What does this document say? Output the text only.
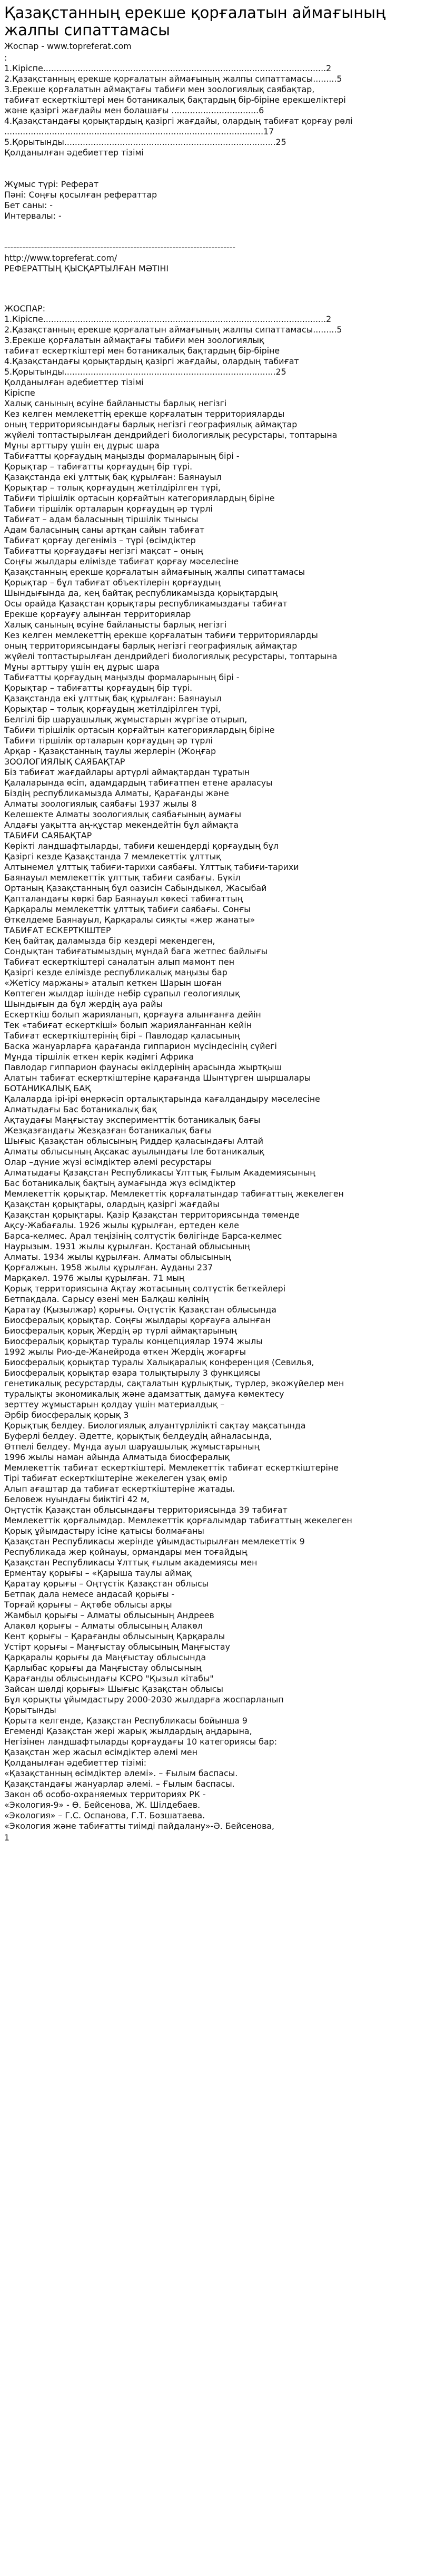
Қазақстанның ерекше қорғалатын аймағының жалпы сипаттамасы
Жоспар - www.topreferat.com

:

1.Кіріспе...........................................................................................................2

2.Қазақстанның ерекше қорғалатын аймағының жалпы сипаттамасы.........5

3.Ерекше қорғалатын аймақтағы табиғи мен зоологиялық саябақтар,

табиғат ескерткіштері мен ботаникалық бақтардың бір-біріне ерекшеліктері

және қазіргі жағдайы мен болашағы .................................6

4.Қазақстандағы қорықтардың қазіргі жағдайы, олардың табиғат қорғау рөлі

..................................................................................................17

5.Қорытынды................................................................................25

Қолданылған әдебиеттер тізімі

Жұмыс түрі: Реферат

Пәні: Соңғы қосылған рефераттар

Бет саны: -

Интервалы: -

-----------------------------------------------------------------------------

http://www.topreferat.com/

РЕФЕРАТТЫҢ ҚЫСҚАРТЫЛҒАН МӘТІНІ

ЖОСПАР:

1.Кіріспе...........................................................................................................2

2.Қазақстанның ерекше қорғалатын аймағының жалпы сипаттамасы.........5

3.Ерекше қорғалатын аймақтағы табиғи мен зоологиялық

табиғат ескерткіштері мен ботаникалық бақтардың бір-біріне

4.Қазақстандағы қорықтардың қазіргі жағдайы, олардың табиғат

5.Қорытынды................................................................................25

Қолданылған әдебиеттер тізімі

Кіріспе

Халық санының өсуіне байланысты барлық негізгі

Кез келген мемлекеттің ерекше қорғалатын территорияларды

оның территориясындағы барлық негізгі географиялық аймақтар

жүйелі топтастырылған дендрийдегі биологиялық ресурстары, топтарына

Мұны арттыру үшін ең дұрыс шара

Табиғатты қорғаудың маңызды формаларының бірі -

Қорықтар – табиғатты қорғаудың бір түрі.

Қазақстанда екі ұлттық бақ құрылған: Баянауыл

Қорықтар – толық қорғаудың жетілдірілген түрі,

Табиғи тірішілік ортасын қорғайтын категориялардың біріне

Табиғи тіршілік орталарын қорғаудың әр түрлі

Табиғат – адам баласының тіршілік тынысы

Адам баласының саны артқан сайын табиғат

Табиғат қорғау дегеніміз – түрі (өсімдіктер

Табиғатты қорғаудағы негізгі мақсат – оның

Соңғы жылдары еліміздe табиғат қорғау мәселесіне

Қазақстанның ерекше қорғалатын аймағының жалпы сипаттамасы

Қорықтар – бұл табиғат объектілерін қорғаудың

Шындығында да, кең байтақ республикамызда қорықтардың

Осы орайда Қазақстан қорықтары республикамыздағы табиғат

Ерекше қорғауғу алынған территориялар

Халық санының өсуіне байланысты барлық негізгі

Кез келген мемлекеттің ерекше қорғалатын табиғи территорияларды

оның территориясындағы барлық негізгі географиялық аймақтар

жүйелі топтастырылған дендрийдегі биологиялық ресурстары, топтарына

Мұны арттыру үшін ең дұрыс шара

Табиғатты қорғаудың маңызды формаларының бірі -

Қорықтар – табиғатты қорғаудың бір түрі.

Қазақстанда екі ұлттық бақ құрылған: Баянауыл

Қорықтар – толық қорғаудың жетілдірілген түрі,

Белгілі бір шаруашылық жұмыстарын жүргізе отырып,

Табиғи тірішілік ортасын қорғайтын категориялардың біріне

Табиғи тіршілік орталарын қорғаудың әр түрлі

Арқар - Қазақстанның таулы жерлерін (Жоңғар

ЗООЛОГИЯЛЫҚ САЯБАҚТАР

Біз табиғат жағдайлары артүрлі аймақтардан тұратын

Қалаларында өсіп, адамдардың табиғатпен етене араласуы

Біздің республикамызда Алматы, Қарағанды және

Алматы зоологиялық саябағы 1937 жылы 8

Келешекте Алматы зоологиялық саябағының аумағы

Алдағы уақытта аң-құстар мекендейтін бұл аймақта

ТАБИҒИ САЯБАҚТАР

Көрікті ландшафтыларды, табиғи кешендерді қорғаудың бұл

Қазіргі кезде Қазақстанда 7 мемлекеттік ұлттық

Алтынемел ұлттық табиғи-тарихи саябағы. Ұлттық табиғи-тарихи

Баянауыл мемлекеттік ұлттық табиғи саябағы. Бүкіл

Ортаның Қазақстанның бұл оазисін Сабындыкөл, Жасыбай

Қапталандағы көркі бар Баянауыл көкесі табиғаттың

Қарқаралы мемлекеттік ұлттық табиғи саябағы. Сонғы

Өткелдеме Баянауыл, Қарқаралы сияқты «жер жанаты»

ТАБИҒАТ ЕСКЕРТКІШТЕР

Кең байтақ даламызда бір кездері мекендеген,

Сондықтан табиғатымыздың мұндай бага жетпес байлығы

Табиғат ескерткіштері саналатын алып мамонт пен

Қазіргі кезде елімізде республикалық маңызы бар

«Жетісу маржаны» аталып кеткен Шарын шоған

Көптеген жылдар ішінде небір сұрапыл геологиялық

Шындығын да бұл жердің ауа райы

Ескерткіш болып жарияланып, қорғауға алынғанға дейін

Тек «табиғат ескерткіші» болып жарияланғаннан кейін

Табиғат ескерткіштерінің бірі – Павлодар қаласының

Баска жануарларға қарағанда гиппарион мүсіндесінің сүйегі

Мұнда тіршілік еткен керік кәдімгі Африка

Павлодар гиппарион фаунасы өкілдерінің арасында жыртқыш

Алатын табиғат ескерткіштеріне қарағанда Шынтүрген шыршалары

БОТАНИКАЛЫҚ БАҚ

Қалаларда ірі-ірі өнеркәсіп орталықтарында кағалдандыру мәселесіне

Алматыдағы Бас ботаникалық бақ

Ақтаудағы Маңғыстау эксперименттік ботаникалық бағы

Жезқазғандағы Жезқазған ботаникалық бағы

Шығыс Қазақстан облысының Риддер қаласындағы Алтай

Алматы облысының Ақсакас ауылындағы Іле ботаникалық

Олар –дүние жүзі өсімдіктер әлемі ресурстары

Алматыдағы Қазақстан Республикасы Ұлттық Ғылым Академиясының

Бас ботаникалық бақтың аумағында жүз өсімдіктер

Мемлекеттік қорықтар. Мемлекеттік қорғалатындар табиғаттың жекелеген

Қазақстан қорықтары, олардың қазіргі жағдайы

Қазақстан қорықтары. Қазір Қазақстан территориясында төменде

Ақсу-Жабағалы. 1926 жылы құрылған, ертеден келе

Барса-келмес. Арал теңізінің солтүстік бөлігінде Барса-келмес

Наурызым. 1931 жылы құрылған. Қостанай облысының

Алматы. 1934 жылы құрылған. Алматы облысының

Қорғалжын. 1958 жылы құрылған. Ауданы 237

Марқакөл. 1976 жылы құрылған. 71 мың

Қорық территориясына Ақтау жотасының солтүстік беткейлері

Бетпақдала. Сарысу өзені мен Балқаш көлінің

Қаратау (Қызылжар) қорығы. Оңтүстік Қазақстан облысында

Биосфералық қорықтар. Соңғы жылдары қорғауға алынған

Биосфералық қорық Жердің әр түрлі аймақтарының

Биосфералық қорықтар туралы концепциялар 1974 жылы

1992 жылы Рио-де-Жанейрода өткен Жердің жоғарғы

Биосфералық қорықтар туралы Халықаралық конференция (Севилья,

Биосфералық қорықтар өзара толықтырылу 3 функциясы

генетикалық ресурстарды, сақталатын құрлықтық, түрлер, экожүйелер мен

туралықты экономикалық және адамзаттық дамуға көмектесу

зерттеу жұмыстарын қолдау үшін материалдық –

Әрбір биосфералық қорық 3

Қорықтық белдеу. Биологиялық алуантүрлілікті сақтау мақсатында

Буферлі белдеу. Әдетте, қорықтық белдеудің айналасында,

Өтпелі белдеу. Мұнда ауыл шаруашылық жұмыстарының

1996 жылы наман айында Алматыда биосфералық

Мемлекеттік табиғат ескерткіштері. Мемлекеттік табиғат ескерткіштеріне

Тірі табиғат ескерткіштеріне жекелеген ұзақ өмір

Алып ағаштар да табиғат ескерткіштеріне жатады.

Беловеж нуындағы биіктігі 42 м,

Оңтүстік Қазақстан облысындағы территориясында 39 табиғат

Мемлекеттік қорғалымдар. Мемлекеттік қорғалымдар табиғаттың жекелеген

Қорық ұйымдастыру ісіне қатысы болмағаны

Қазақстан Республикасы жерінде ұйымдастырылған мемлекеттік 9

Республикада жер қойнауы, ормандары мен тоғайдың

Қазақстан Республикасы Ұлттық ғылым академиясы мен

Ерментау қорығы – «Қарыша таулы аймақ

Қаратау қорығы – Оңтүстік Қазақстан облысы

Бетпақ дала немесе андасай қорығы -

Торғай қорығы – Ақтөбе облысы арқы

Жамбыл қорығы – Алматы облысының Андреев

Алакөл қорығы – Алматы облысының Алакөл

Кент қорығы – Қарағанды облысының Қарқаралы

Устірт қорығы – Маңғыстау облысының Маңғыстау

Қарқаралы қорығы да Маңғыстау облысында

Қарлыбас қорығы да Маңғыстау облысының

Қарағанды облысындағы КСРО "Қызыл кітабы"

Зайсан шөлді қорығы» Шығыс Қазақстан облысы

Бұл қорықты ұйымдастыру 2000-2030 жылдарға жоспарланып

Қорытынды

Қорыта келгенде, Қазақстан Республикасы бойынша 9

Егеменді Қазақстан жері жарық жылдардың аңдарына,

Негізінен ландшафтыларды қорғаудағы 10 категориясы бар:

Қазақстан жер жасыл өсімдіктер әлемі мен

Қолданылған әдебиеттер тізімі:

«Қазақстанның өсімдіктер әлемі». – Ғылым баспасы.

Қазақстандағы жануарлар әлемі. – Ғылым баспасы.

Закон об особо-охраняемых территориях РК -

«Экология-9» - Ө. Бейсенова, Ж. Шілдебаев.

«Экология» – Г.С. Оспанова, Г.Т. Бозшатаева.

«Экология және табиғатты тиімді пайдалану»-Ә. Бейсенова,

1
